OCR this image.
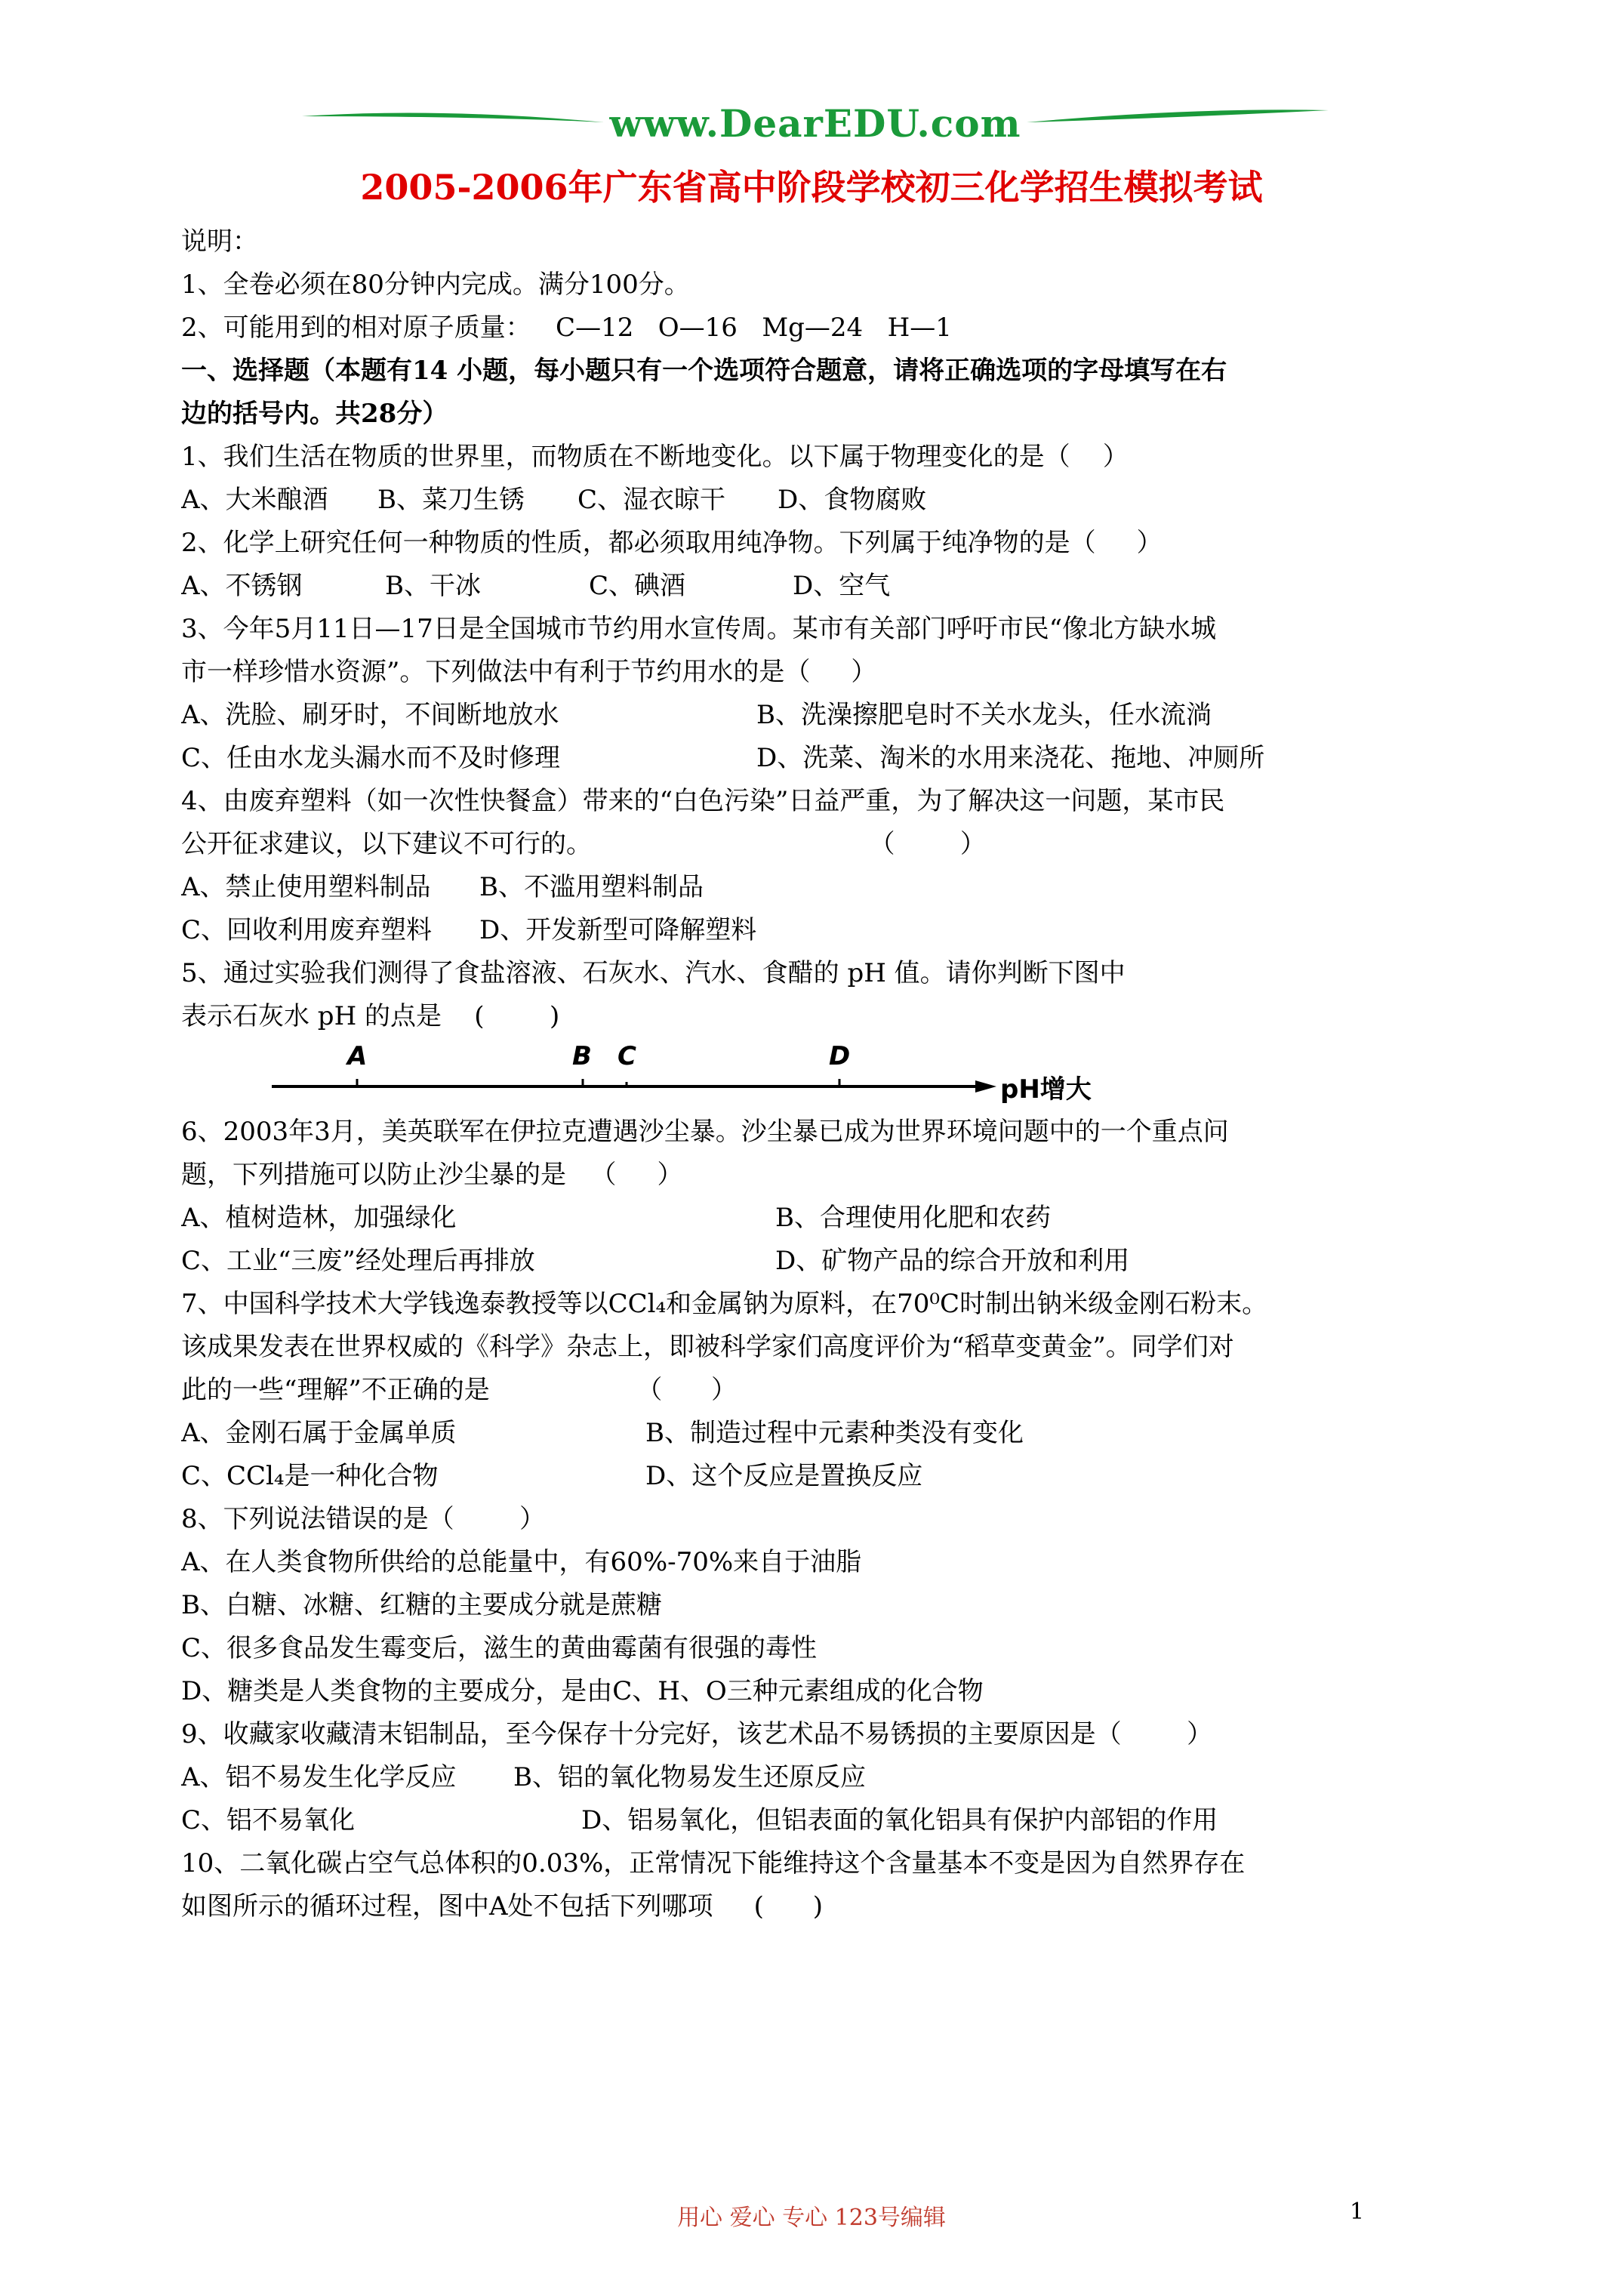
www.DearEDU.com
2005-2006年广东省高中阶段学校初三化学招生模拟考试
说明：
1、全卷必须在80分钟内完成。满分100分。
2、可能用到的相对原子质量：   C—12   O—16   Mg—24   H—1
一、选择题（本题有14 小题，每小题只有一个选项符合题意，请将正确选项的字母填写在右
边的括号内。共28分）
1、我们生活在物质的世界里，而物质在不断地变化。以下属于物理变化的是（    ）
A、大米酿酒 B、菜刀生锈 C、湿衣晾干 D、食物腐败
2、化学上研究任何一种物质的性质，都必须取用纯净物。下列属于纯净物的是（     ）
A、不锈钢	B、干冰	C、碘酒	D、空气
3、今年5月11日—17日是全国城市节约用水宣传周。某市有关部门呼吁市民“像北方缺水城
市一样珍惜水资源”。下列做法中有利于节约用水的是（     ）
A、洗脸、刷牙时，不间断地放水	B、洗澡擦肥皂时不关水龙头，任水流淌
C、任由水龙头漏水而不及时修理	D、洗菜、淘米的水用来浇花、拖地、冲厕所
4、由废弃塑料（如一次性快餐盒）带来的“白色污染”日益严重，为了解决这一问题，某市民
公开征求建议，以下建议不可行的。                                  （        ）
A、禁止使用塑料制品 B、不滥用塑料制品
C、回收利用废弃塑料 D、开发新型可降解塑料
5、通过实验我们测得了食盐溶液、石灰水、汽水、食醋的 pH 值。请你判断下图中
表示石灰水 pH 的点是    (        )
A	B C	D
pH增大
6、2003年3月，美英联军在伊拉克遭遇沙尘暴。沙尘暴已成为世界环境问题中的一个重点问
题，下列措施可以防止沙尘暴的是   （     ）
A、植树造林，加强绿化	B、合理使用化肥和农药
C、工业“三废”经处理后再排放	D、矿物产品的综合开放和利用
7、中国科学技术大学钱逸泰教授等以CCl₄和金属钠为原料，在70⁰C时制出钠米级金刚石粉末。
该成果发表在世界权威的《科学》杂志上，即被科学家们高度评价为“稻草变黄金”。同学们对
此的一些“理解”不正确的是                  （      ）
A、金刚石属于金属单质	B、制造过程中元素种类没有变化
C、CCl₄是一种化合物	D、这个反应是置换反应
8、下列说法错误的是（        ）
A、在人类食物所供给的总能量中，有60%-70%来自于油脂
B、白糖、冰糖、红糖的主要成分就是蔗糖
C、很多食品发生霉变后，滋生的黄曲霉菌有很强的毒性
D、糖类是人类食物的主要成分，是由C、H、O三种元素组成的化合物
9、收藏家收藏清末铝制品，至今保存十分完好，该艺术品不易锈损的主要原因是（        ）
A、铝不易发生化学反应 B、铝的氧化物易发生还原反应
C、铝不易氧化	D、铝易氧化，但铝表面的氧化铝具有保护内部铝的作用
10、二氧化碳占空气总体积的0.03%，正常情况下能维持这个含量基本不变是因为自然界存在
如图所示的循环过程，图中A处不包括下列哪项     (      )
用心 爱心 专心 123号编辑	1
